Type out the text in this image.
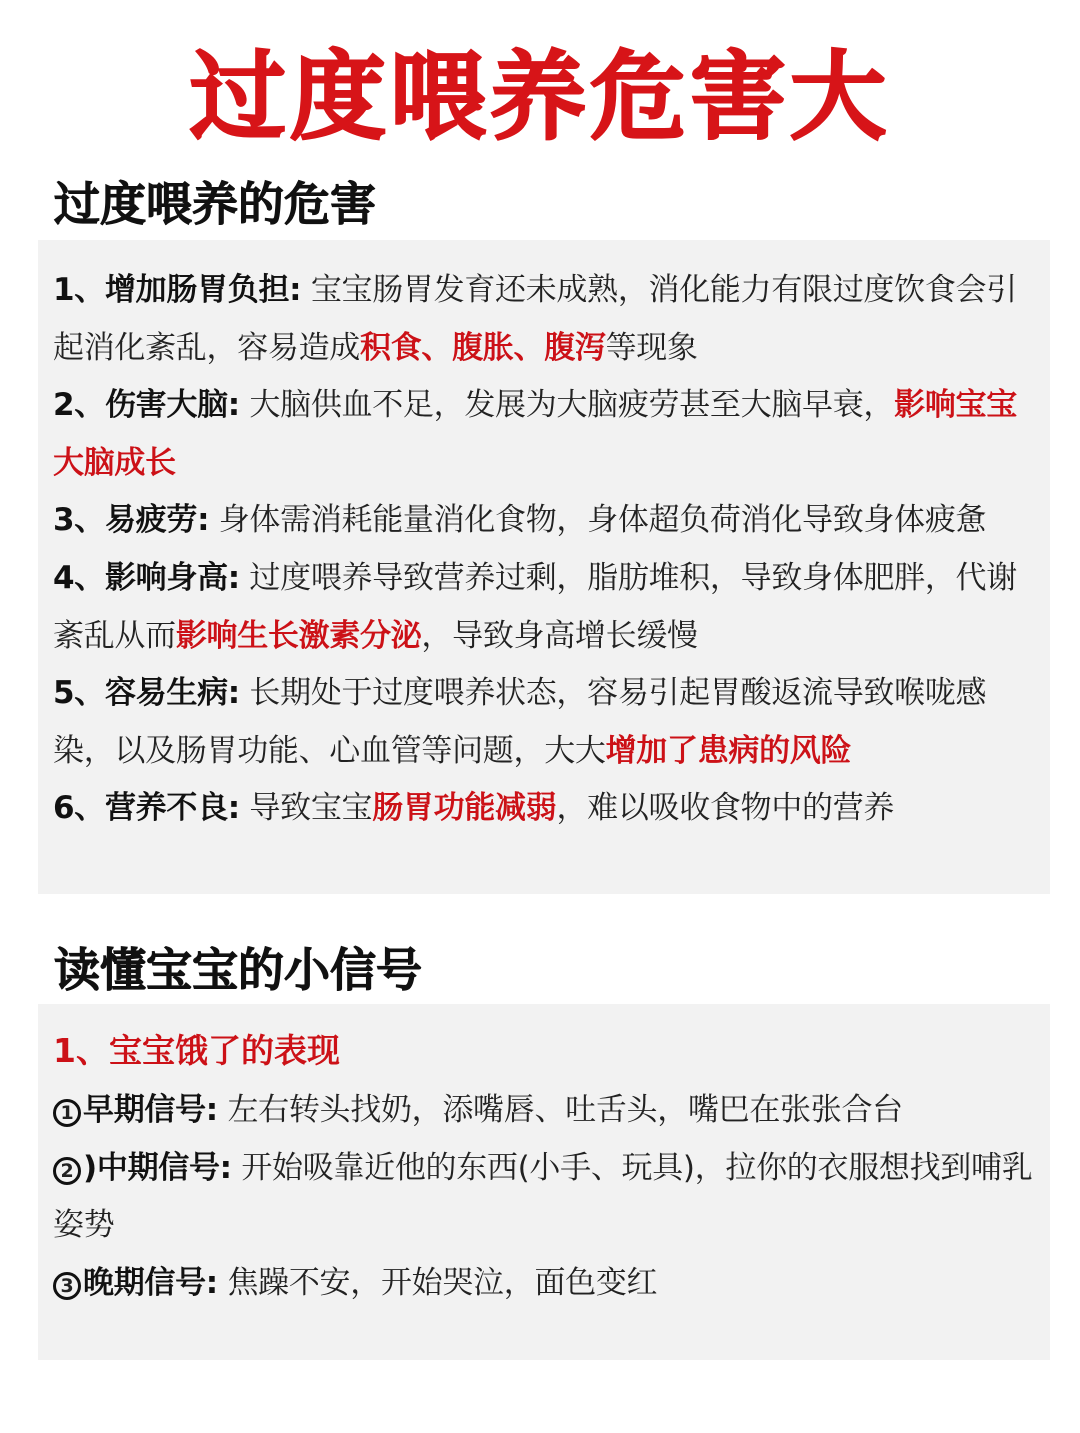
过度喂养危害大
过度喂养的危害
1、增加肠胃负担: 宝宝肠胃发育还未成熟，消化能力有限过度饮食会引起消化紊乱，容易造成积食、腹胀、腹泻等现象
2、伤害大脑: 大脑供血不足，发展为大脑疲劳甚至大脑早衰，影响宝宝大脑成长
3、易疲劳: 身体需消耗能量消化食物，身体超负荷消化导致身体疲惫
4、影响身高: 过度喂养导致营养过剩，脂肪堆积，导致身体肥胖，代谢紊乱从而影响生长激素分泌，导致身高增长缓慢
5、容易生病: 长期处于过度喂养状态，容易引起胃酸返流导致喉咙感染，以及肠胃功能、心血管等问题，大大增加了患病的风险
6、营养不良: 导致宝宝肠胃功能减弱，难以吸收食物中的营养
读懂宝宝的小信号
1、宝宝饿了的表现
1 早期信号: 左右转头找奶，添嘴唇、吐舌头，嘴巴在张张合台
2 )中期信号: 开始吸靠近他的东西(小手、玩具)，拉你的衣服想找到哺乳姿势
3 晚期信号: 焦躁不安，开始哭泣，面色变红
